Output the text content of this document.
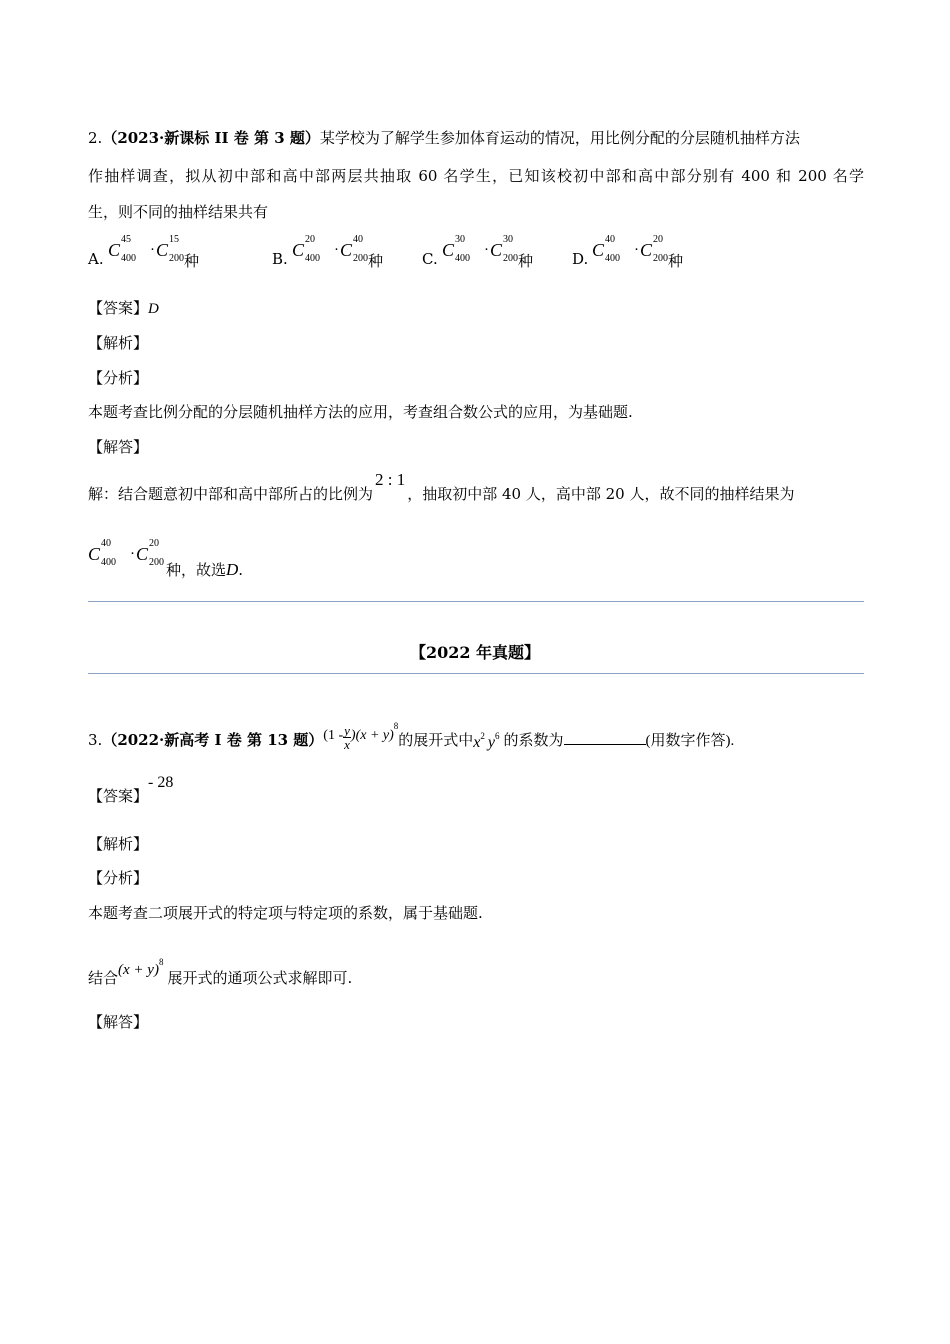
2.（2023·新课标 II 卷 第 3 题）某学校为了解学生参加体育运动的情况，用比例分配的分层随机抽样方法
作抽样调查，拟从初中部和高中部两层共抽取 60 名学生，已知该校初中部和高中部分别有 400 和 200 名学
生，则不同的抽样结果共有
A. C
45
400
· C
15
200 种	B. C
20
400
· C
40
200 种	C. C
30
400
· C
30
200 种	D. C
40
400
· C
20
200 种
【答案】D
【解析】
【分析】
本题考查比例分配的分层随机抽样方法的应用，考查组合数公式的应用，为基础题.
【解答】
解：结合题意初中部和高中部所占的比例为2 : 1，抽取初中部 40 人，高中部 20 人，故不同的抽样结果为
C
40
400
· C
20
200 种，故选D.
【2022 年真题】
3.（2022·新高考 I 卷 第 13 题）$(1 - \frac{y}{x} )(x + y)^8$的展开式中$x^2$ $y^6$ 的系数为	(用数字作答).
【答案】- 28
【解析】
【分析】
本题考查二项展开式的特定项与特定项的系数，属于基础题.
结合$(x + y)^8$展开式的通项公式求解即可.
【解答】
